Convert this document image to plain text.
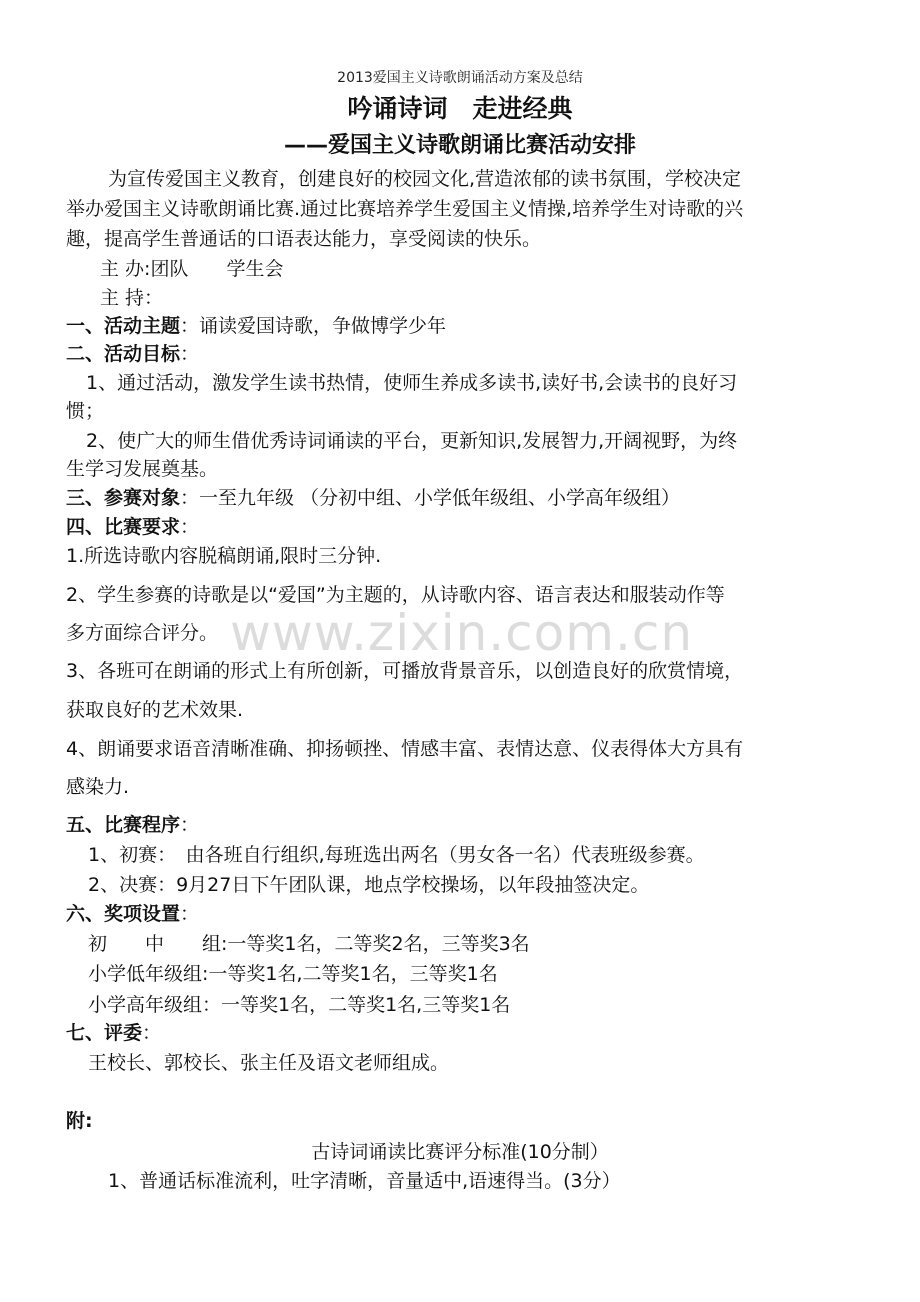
2013爱国主义诗歌朗诵活动方案及总结
吟诵诗词　走进经典
——爱国主义诗歌朗诵比赛活动安排
为宣传爱国主义教育，创建良好的校园文化,营造浓郁的读书氛围，学校决定
举办爱国主义诗歌朗诵比赛.通过比赛培养学生爱国主义情操,培养学生对诗歌的兴
趣，提高学生普通话的口语表达能力，享受阅读的快乐。
主 办:团队　　学生会
主 持：
一、活动主题：诵读爱国诗歌，争做博学少年
二、活动目标：
1、通过活动，激发学生读书热情，使师生养成多读书,读好书,会读书的良好习
惯；
2、使广大的师生借优秀诗词诵读的平台，更新知识,发展智力,开阔视野，为终
生学习发展奠基。
三、参赛对象：一至九年级 （分初中组、小学低年级组、小学高年级组）
四、比赛要求：
1.所选诗歌内容脱稿朗诵,限时三分钟.
2、学生参赛的诗歌是以“爱国”为主题的，从诗歌内容、语言表达和服装动作等
多方面综合评分。
3、各班可在朗诵的形式上有所创新，可播放背景音乐，以创造良好的欣赏情境，
获取良好的艺术效果.
4、朗诵要求语音清晰准确、抑扬顿挫、情感丰富、表情达意、仪表得体大方具有
感染力.
五、比赛程序：
1、初赛：　由各班自行组织,每班选出两名（男女各一名）代表班级参赛。
2、决赛：9月27日下午团队课，地点学校操场，以年段抽签决定。
六、奖项设置：
初　　中　　组:一等奖1名，二等奖2名，三等奖3名
小学低年级组:一等奖1名,二等奖1名，三等奖1名
小学高年级组：一等奖1名，二等奖1名,三等奖1名
七、评委：
王校长、郭校长、张主任及语文老师组成。
附:
古诗词诵读比赛评分标准(10分制）
1、普通话标准流利，吐字清晰，音量适中,语速得当。(3分）
www.zixin.com.cn
